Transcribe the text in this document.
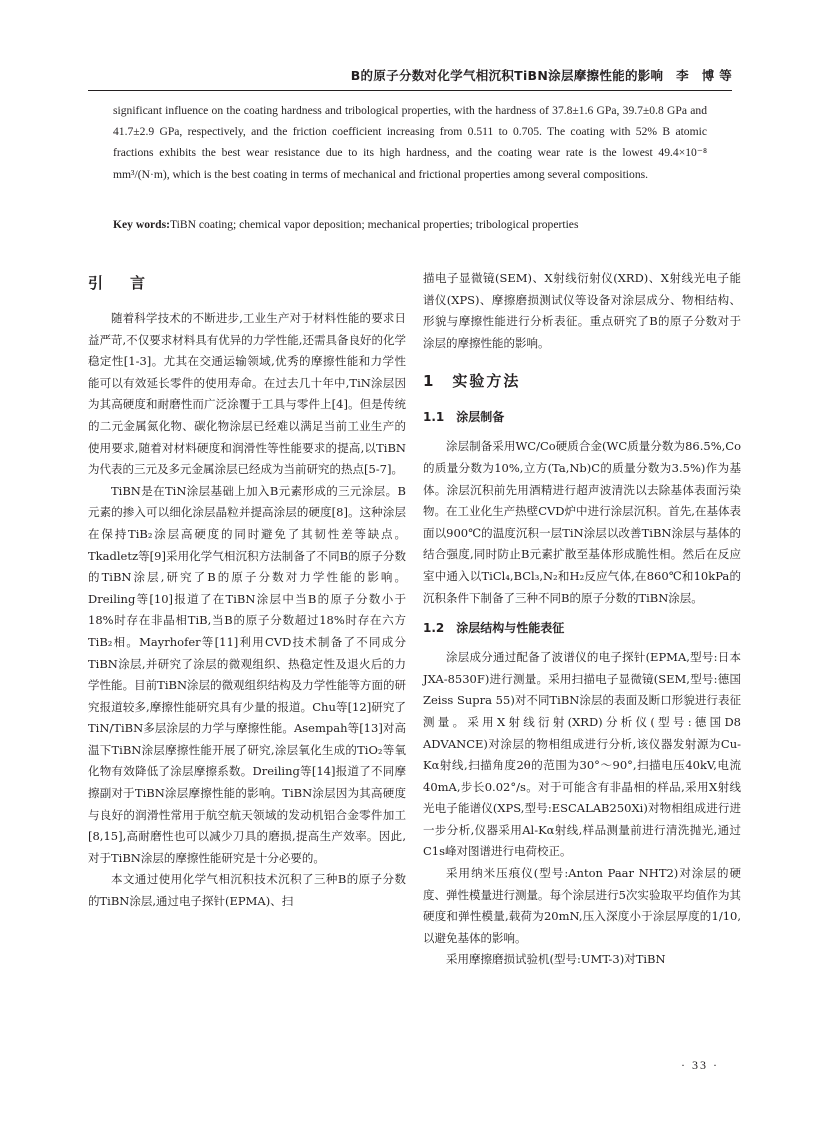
B的原子分数对化学气相沉积TiBN涂层摩擦性能的影响　李　博 等

significant influence on the coating hardness and tribological properties, with the hardness of 37.8±1.6 GPa, 39.7±0.8 GPa and 41.7±2.9 GPa, respectively, and the friction coefficient increasing from 0.511 to 0.705. The coating with 52% B atomic fractions exhibits the best wear resistance due to its high hardness, and the coating wear rate is the lowest 49.4×10⁻⁸ mm³/(N·m), which is the best coating in terms of mechanical and frictional properties among several compositions.

Key words:TiBN coating; chemical vapor deposition; mechanical properties; tribological properties
引　言

随着科学技术的不断进步,工业生产对于材料性能的要求日益严苛,不仅要求材料具有优异的力学性能,还需具备良好的化学稳定性[1-3]。尤其在交通运输领域,优秀的摩擦性能和力学性能可以有效延长零件的使用寿命。在过去几十年中,TiN涂层因为其高硬度和耐磨性而广泛涂覆于工具与零件上[4]。但是传统的二元金属氮化物、碳化物涂层已经难以满足当前工业生产的使用要求,随着对材料硬度和润滑性等性能要求的提高,以TiBN为代表的三元及多元金属涂层已经成为当前研究的热点[5-7]。

TiBN是在TiN涂层基础上加入B元素形成的三元涂层。B元素的掺入可以细化涂层晶粒并提高涂层的硬度[8]。这种涂层在保持TiB₂涂层高硬度的同时避免了其韧性差等缺点。Tkadletz等[9]采用化学气相沉积方法制备了不同B的原子分数的TiBN涂层,研究了B的原子分数对力学性能的影响。Dreiling等[10]报道了在TiBN涂层中当B的原子分数小于18%时存在非晶相TiB,当B的原子分数超过18%时存在六方TiB₂相。Mayrhofer等[11]利用CVD技术制备了不同成分TiBN涂层,并研究了涂层的微观组织、热稳定性及退火后的力学性能。目前TiBN涂层的微观组织结构及力学性能等方面的研究报道较多,摩擦性能研究具有少量的报道。Chu等[12]研究了TiN/TiBN多层涂层的力学与摩擦性能。Asempah等[13]对高温下TiBN涂层摩擦性能开展了研究,涂层氧化生成的TiO₂等氧化物有效降低了涂层摩擦系数。Dreiling等[14]报道了不同摩擦副对于TiBN涂层摩擦性能的影响。TiBN涂层因为其高硬度与良好的润滑性常用于航空航天领域的发动机铝合金零件加工[8,15],高耐磨性也可以减少刀具的磨损,提高生产效率。因此,对于TiBN涂层的摩擦性能研究是十分必要的。

本文通过使用化学气相沉积技术沉积了三种B的原子分数的TiBN涂层,通过电子探针(EPMA)、扫

描电子显微镜(SEM)、X射线衍射仪(XRD)、X射线光电子能谱仪(XPS)、摩擦磨损测试仪等设备对涂层成分、物相结构、形貌与摩擦性能进行分析表征。重点研究了B的原子分数对于涂层的摩擦性能的影响。

1　实验方法
1.1　涂层制备

涂层制备采用WC/Co硬质合金(WC质量分数为86.5%,Co的质量分数为10%,立方(Ta,Nb)C的质量分数为3.5%)作为基体。涂层沉积前先用酒精进行超声波清洗以去除基体表面污染物。在工业化生产热壁CVD炉中进行涂层沉积。首先,在基体表面以900℃的温度沉积一层TiN涂层以改善TiBN涂层与基体的结合强度,同时防止B元素扩散至基体形成脆性相。然后在反应室中通入以TiCl₄,BCl₃,N₂和H₂反应气体,在860℃和10kPa的沉积条件下制备了三种不同B的原子分数的TiBN涂层。

1.2　涂层结构与性能表征

涂层成分通过配备了波谱仪的电子探针(EPMA,型号:日本JXA-8530F)进行测量。采用扫描电子显微镜(SEM,型号:德国Zeiss Supra 55)对不同TiBN涂层的表面及断口形貌进行表征测量。采用X射线衍射(XRD)分析仪(型号:德国D8 ADVANCE)对涂层的物相组成进行分析,该仪器发射源为Cu-Kα射线,扫描角度2θ的范围为30°～90°,扫描电压40kV,电流40mA,步长0.02°/s。对于可能含有非晶相的样品,采用X射线光电子能谱仪(XPS,型号:ESCALAB250Xi)对物相组成进行进一步分析,仪器采用Al-Kα射线,样品测量前进行清洗抛光,通过C1s峰对图谱进行电荷校正。

采用纳米压痕仪(型号:Anton Paar NHT2)对涂层的硬度、弹性模量进行测量。每个涂层进行5次实验取平均值作为其硬度和弹性模量,载荷为20mN,压入深度小于涂层厚度的1/10,以避免基体的影响。

采用摩擦磨损试验机(型号:UMT-3)对TiBN

· 33 ·
